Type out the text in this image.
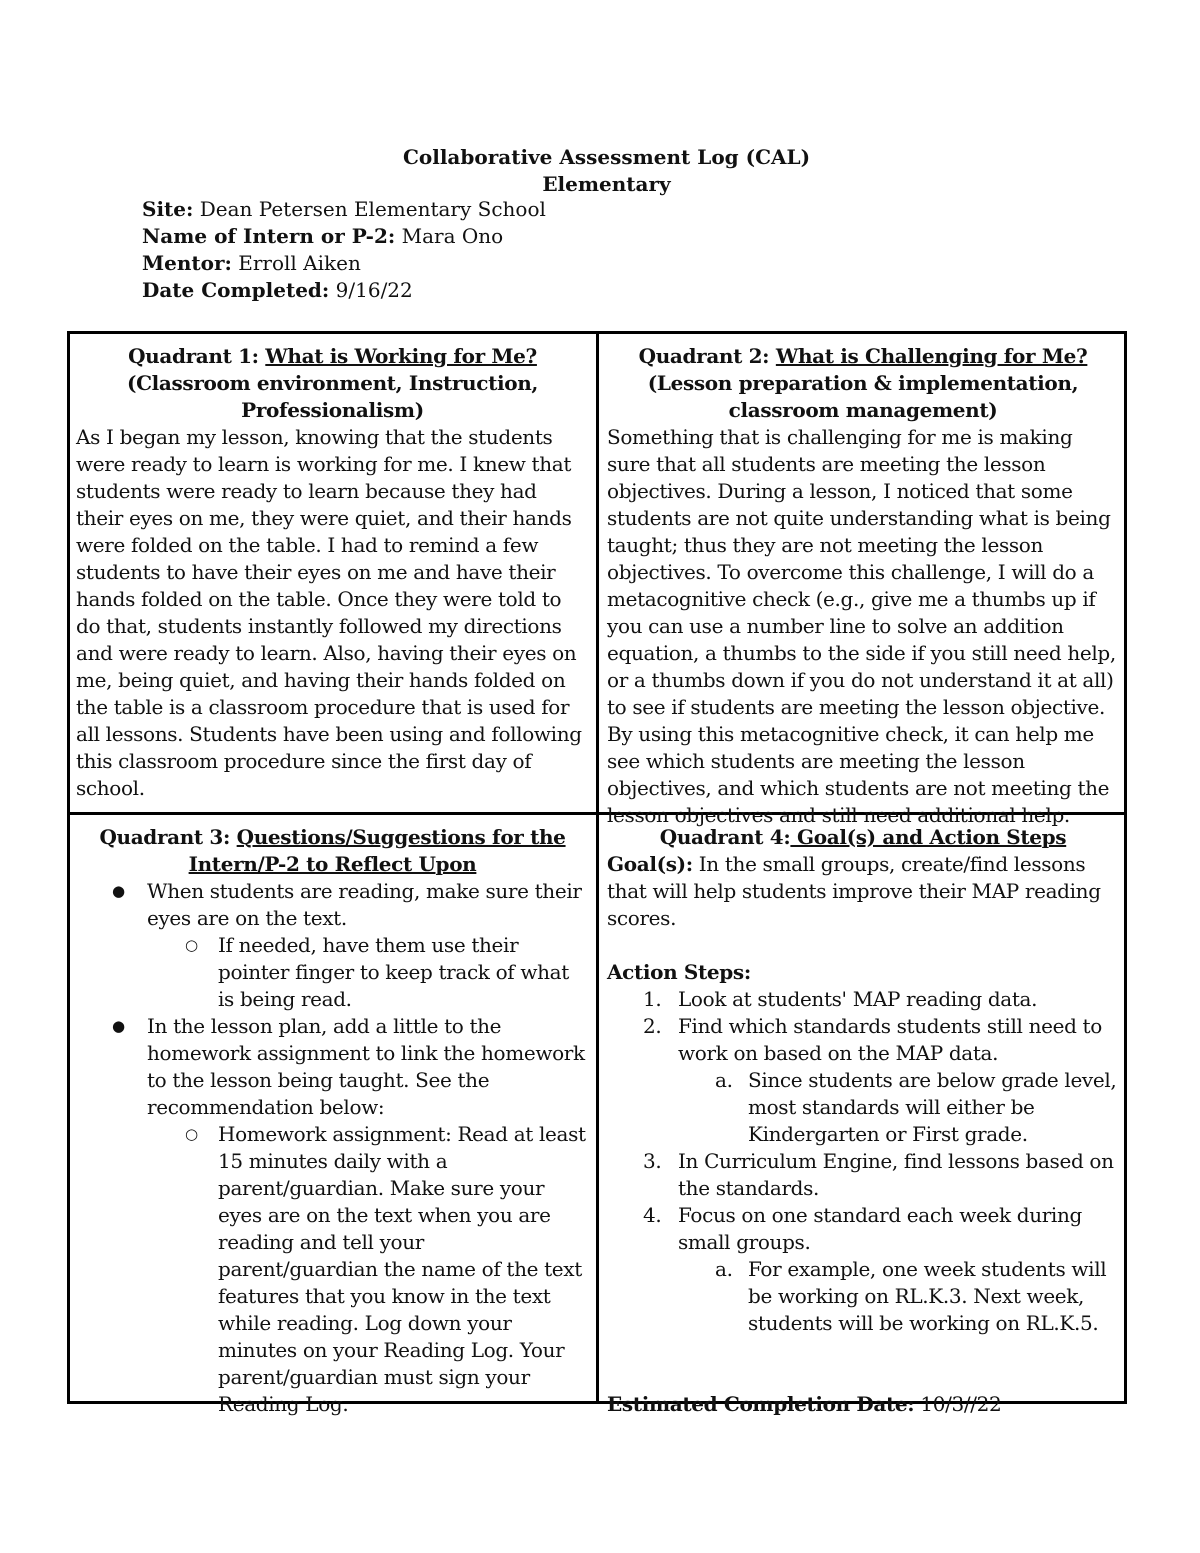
Collaborative Assessment Log (CAL)
Elementary
Site: Dean Petersen Elementary School
Name of Intern or P-2: Mara Ono
Mentor: Erroll Aiken
Date Completed: 9/16/22
Quadrant 1: What is Working for Me?
(Classroom environment, Instruction, Professionalism)

As I began my lesson, knowing that the students were ready to learn is working for me. I knew that students were ready to learn because they had their eyes on me, they were quiet, and their hands were folded on the table. I had to remind a few students to have their eyes on me and have their hands folded on the table. Once they were told to do that, students instantly followed my directions and were ready to learn. Also, having their eyes on me, being quiet, and having their hands folded on the table is a classroom procedure that is used for all lessons. Students have been using and following this classroom procedure since the first day of school.

Quadrant 2: What is Challenging for Me?
(Lesson preparation & implementation, classroom management)

Something that is challenging for me is making sure that all students are meeting the lesson objectives. During a lesson, I noticed that some students are not quite understanding what is being taught; thus they are not meeting the lesson objectives. To overcome this challenge, I will do a metacognitive check (e.g., give me a thumbs up if you can use a number line to solve an addition equation, a thumbs to the side if you still need help, or a thumbs down if you do not understand it at all) to see if students are meeting the lesson objective. By using this metacognitive check, it can help me see which students are meeting the lesson objectives, and which students are not meeting the lesson objectives and still need additional help.

Quadrant 3: Questions/Suggestions for the Intern/P-2 to Reflect Upon
● When students are reading, make sure their eyes are on the text.
○ If needed, have them use their pointer finger to keep track of what is being read.
● In the lesson plan, add a little to the homework assignment to link the homework to the lesson being taught. See the recommendation below:
○ Homework assignment: Read at least 15 minutes daily with a parent/guardian. Make sure your eyes are on the text when you are reading and tell your parent/guardian the name of the text features that you know in the text while reading. Log down your minutes on your Reading Log. Your parent/guardian must sign your Reading Log.
Quadrant 4: Goal(s) and Action Steps
Goal(s): In the small groups, create/find lessons that will help students improve their MAP reading scores.
Action Steps:
1. Look at students' MAP reading data.
2. Find which standards students still need to work on based on the MAP data.
a. Since students are below grade level, most standards will either be Kindergarten or First grade.
3. In Curriculum Engine, find lessons based on the standards.
4. Focus on one standard each week during small groups.
a. For example, one week students will be working on RL.K.3. Next week, students will be working on RL.K.5.
Estimated Completion Date: 10/3//22
